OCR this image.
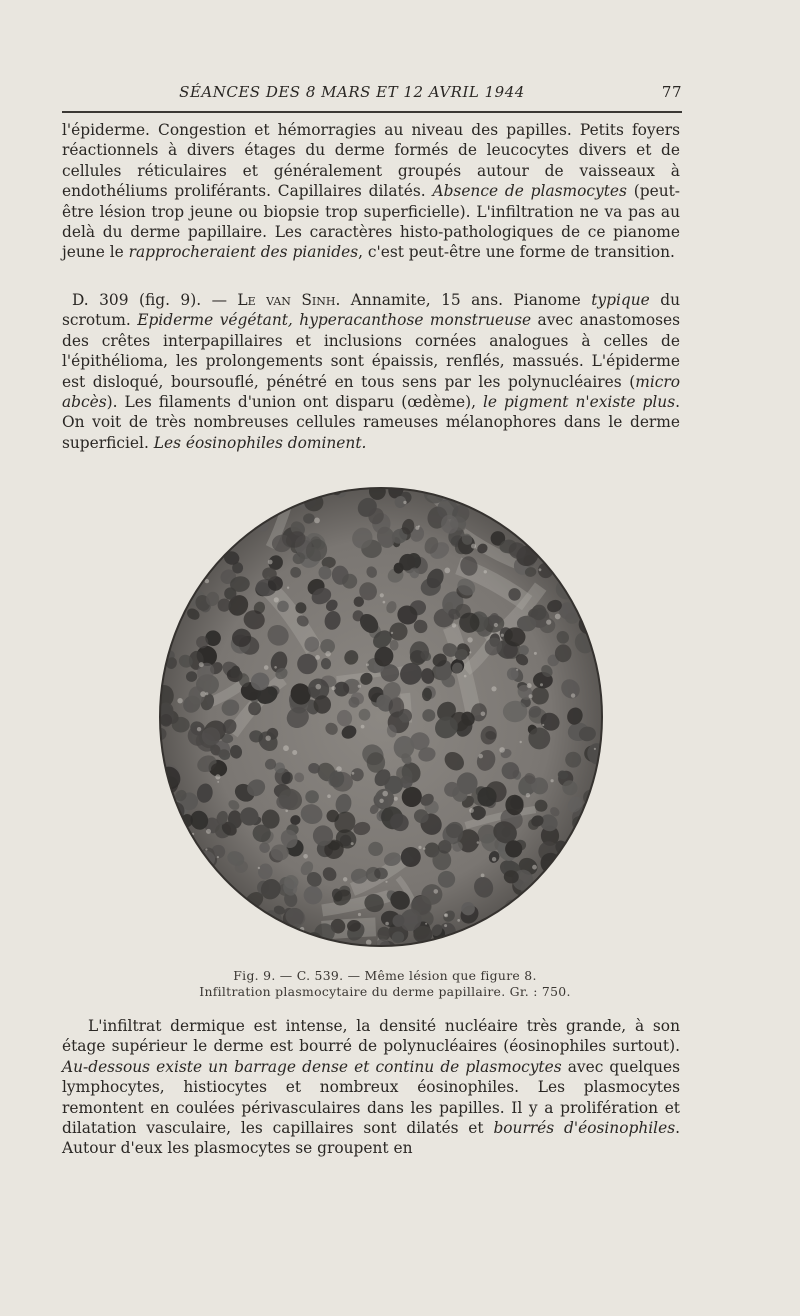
SÉANCES DES 8 MARS ET 12 AVRIL 1944	77

l'épiderme. Congestion et hémorragies au niveau des papilles. Petits foyers réactionnels à divers étages du derme formés de leucocytes divers et de cellules réticulaires et généralement groupés autour de vaisseaux à endothéliums proliférants. Capillaires dilatés. Absence de plasmocytes (peut-être lésion trop jeune ou biopsie trop superficielle). L'infiltration ne va pas au delà du derme papillaire. Les caractères histo-pathologiques de ce pianome jeune le rapprocheraient des pianides, c'est peut-être une forme de transition.

D. 309 (fig. 9). — Le van Sinh. Annamite, 15 ans. Pianome typique du scrotum. Epiderme végétant, hyperacanthose monstrueuse avec anastomoses des crêtes interpapillaires et inclusions cornées analogues à celles de l'épithélioma, les prolongements sont épaissis, renflés, massués. L'épiderme est disloqué, boursouflé, pénétré en tous sens par les polynucléaires (micro abcès). Les filaments d'union ont disparu (œdème), le pigment n'existe plus. On voit de très nombreuses cellules rameuses mélanophores dans le derme superficiel. Les éosinophiles dominent.

Fig. 9. — C. 539. — Même lésion que figure 8.
Infiltration plasmocytaire du derme papillaire. Gr. : 750.

L'infiltrat dermique est intense, la densité nucléaire très grande, à son étage supérieur le derme est bourré de polynucléaires (éosinophiles surtout). Au-dessous existe un barrage dense et continu de plasmocytes avec quelques lymphocytes, histiocytes et nombreux éosinophiles. Les plasmocytes remontent en coulées périvasculaires dans les papilles. Il y a prolifération et dilatation vasculaire, les capillaires sont dilatés et bourrés d'éosinophiles. Autour d'eux les plasmocytes se groupent en
